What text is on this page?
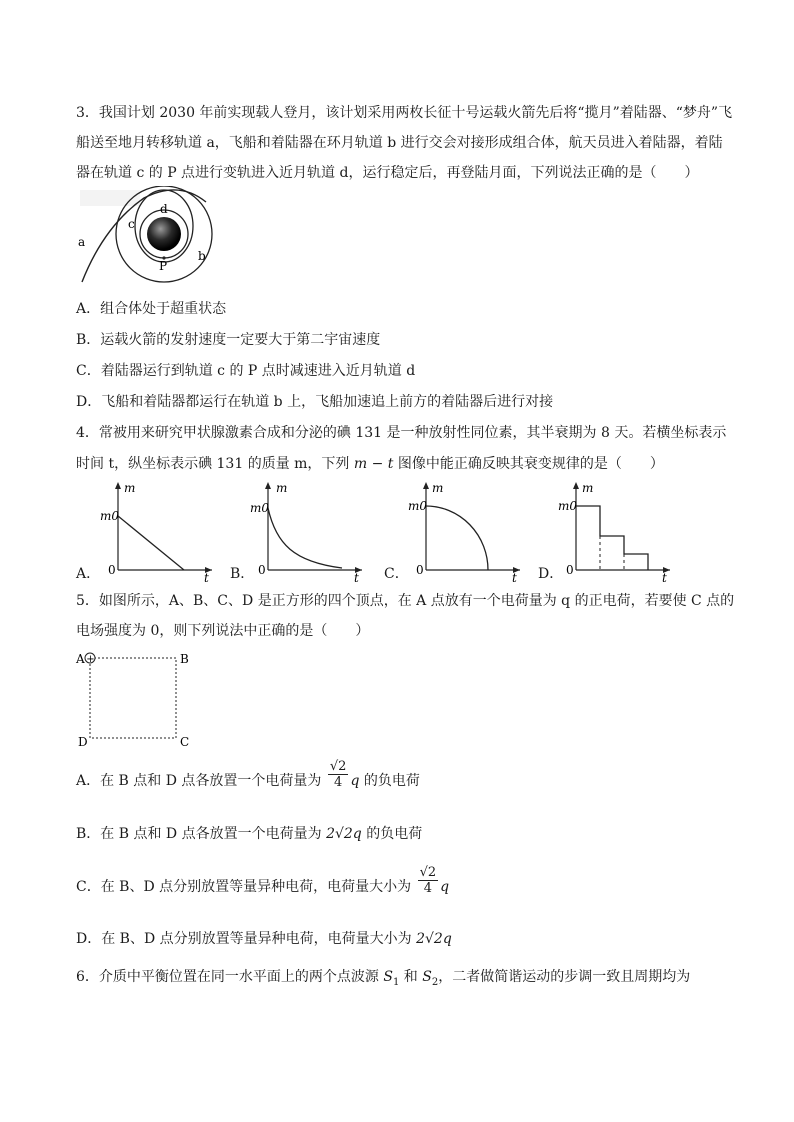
3．我国计划 2030 年前实现载人登月，该计划采用两枚长征十号运载火箭先后将“揽月”着陆器、“梦舟”飞
船送至地月转移轨道 a，飞船和着陆器在环月轨道 b 进行交会对接形成组合体，航天员进入着陆器，着陆
器在轨道 c 的 P 点进行变轨进入近月轨道 d，运行稳定后，再登陆月面，下列说法正确的是（　　）
a
b
c
d
P
A．组合体处于超重状态
B．运载火箭的发射速度一定要大于第二宇宙速度
C．着陆器运行到轨道 c 的 P 点时减速进入近月轨道 d
D．飞船和着陆器都运行在轨道 b 上，飞船加速追上前方的着陆器后进行对接
4．常被用来研究甲状腺激素合成和分泌的碘 131 是一种放射性同位素，其半衰期为 8 天。若横坐标表示
时间 t，纵坐标表示碘 131 的质量 m，下列 m − t 图像中能正确反映其衰变规律的是（　　）
A．
m
m0
0
t B．
m
m0
0
t C．
m
m0
0
t D．
m
m0
0
t
5．如图所示，A、B、C、D 是正方形的四个顶点，在 A 点放有一个电荷量为 q 的正电荷，若要使 C 点的
电场强度为 0，则下列说法中正确的是（　　）
+
A	B
C
D
A．在 B 点和 D 点各放置一个电荷量为 $\frac{√2}{4}$ q 的负电荷
B．在 B 点和 D 点各放置一个电荷量为 2√2q 的负电荷
C．在 B、D 点分别放置等量异种电荷，电荷量大小为 $\frac{√2}{4}$ q
D．在 B、D 点分别放置等量异种电荷，电荷量大小为 2√2q
6．介质中平衡位置在同一水平面上的两个点波源 $S_1$ 和 $S_2$，二者做简谐运动的步调一致且周期均为
